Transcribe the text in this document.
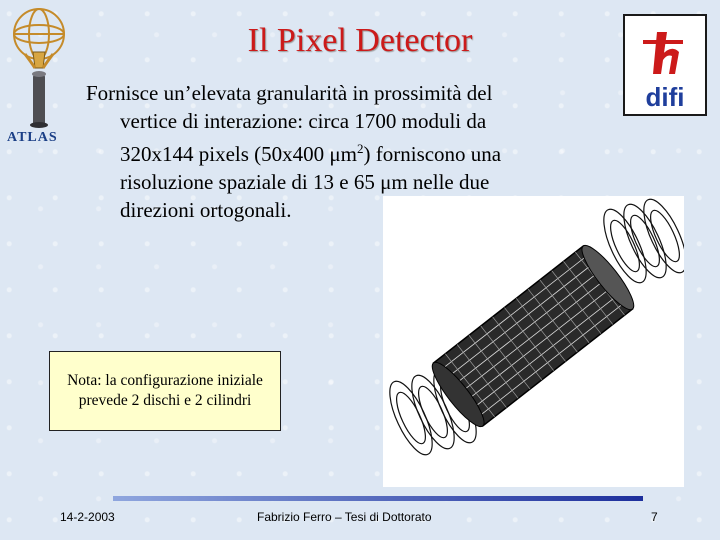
ATLAS
Il Pixel Detector
difi
Fornisce un’elevata granularità in prossimità del
vertice di interazione: circa 1700 moduli da
320x144 pixels (50x400 $\mu m^2$) forniscono una
risoluzione spaziale di 13 e 65 μm nelle due
direzioni ortogonali.
Nota: la configurazione iniziale prevede 2 dischi e 2 cilindri
14-2-2003	Fabrizio Ferro – Tesi di Dottorato	7
